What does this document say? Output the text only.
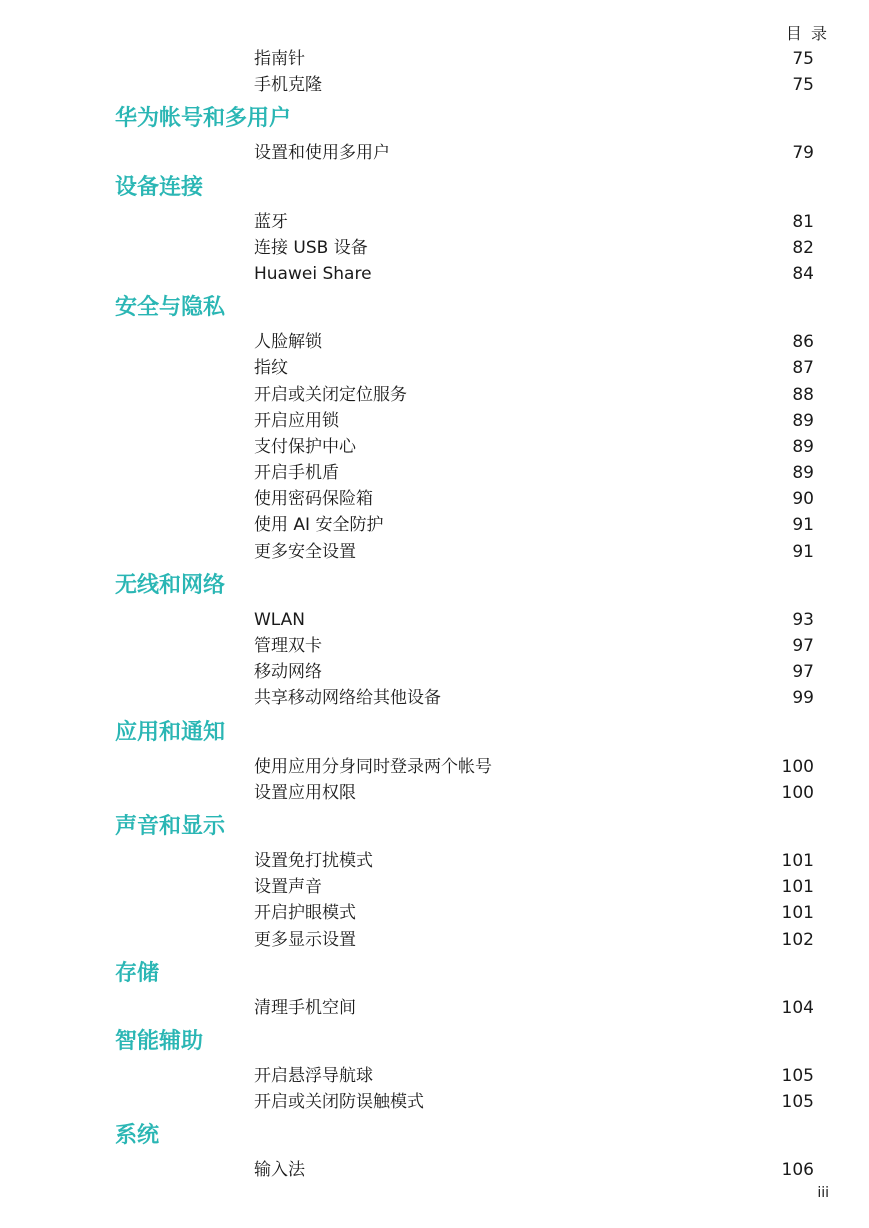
目 录
指南针	75
手机克隆	75
华为帐号和多用户
设置和使用多用户	79
设备连接
蓝牙	81
连接 USB 设备	82
Huawei Share	84
安全与隐私
人脸解锁	86
指纹	87
开启或关闭定位服务	88
开启应用锁	89
支付保护中心	89
开启手机盾	89
使用密码保险箱	90
使用 AI 安全防护	91
更多安全设置	91
无线和网络
WLAN	93
管理双卡	97
移动网络	97
共享移动网络给其他设备	99
应用和通知
使用应用分身同时登录两个帐号	100
设置应用权限	100
声音和显示
设置免打扰模式	101
设置声音	101
开启护眼模式	101
更多显示设置	102
存储
清理手机空间	104
智能辅助
开启悬浮导航球	105
开启或关闭防误触模式	105
系统
输入法	106
iii
